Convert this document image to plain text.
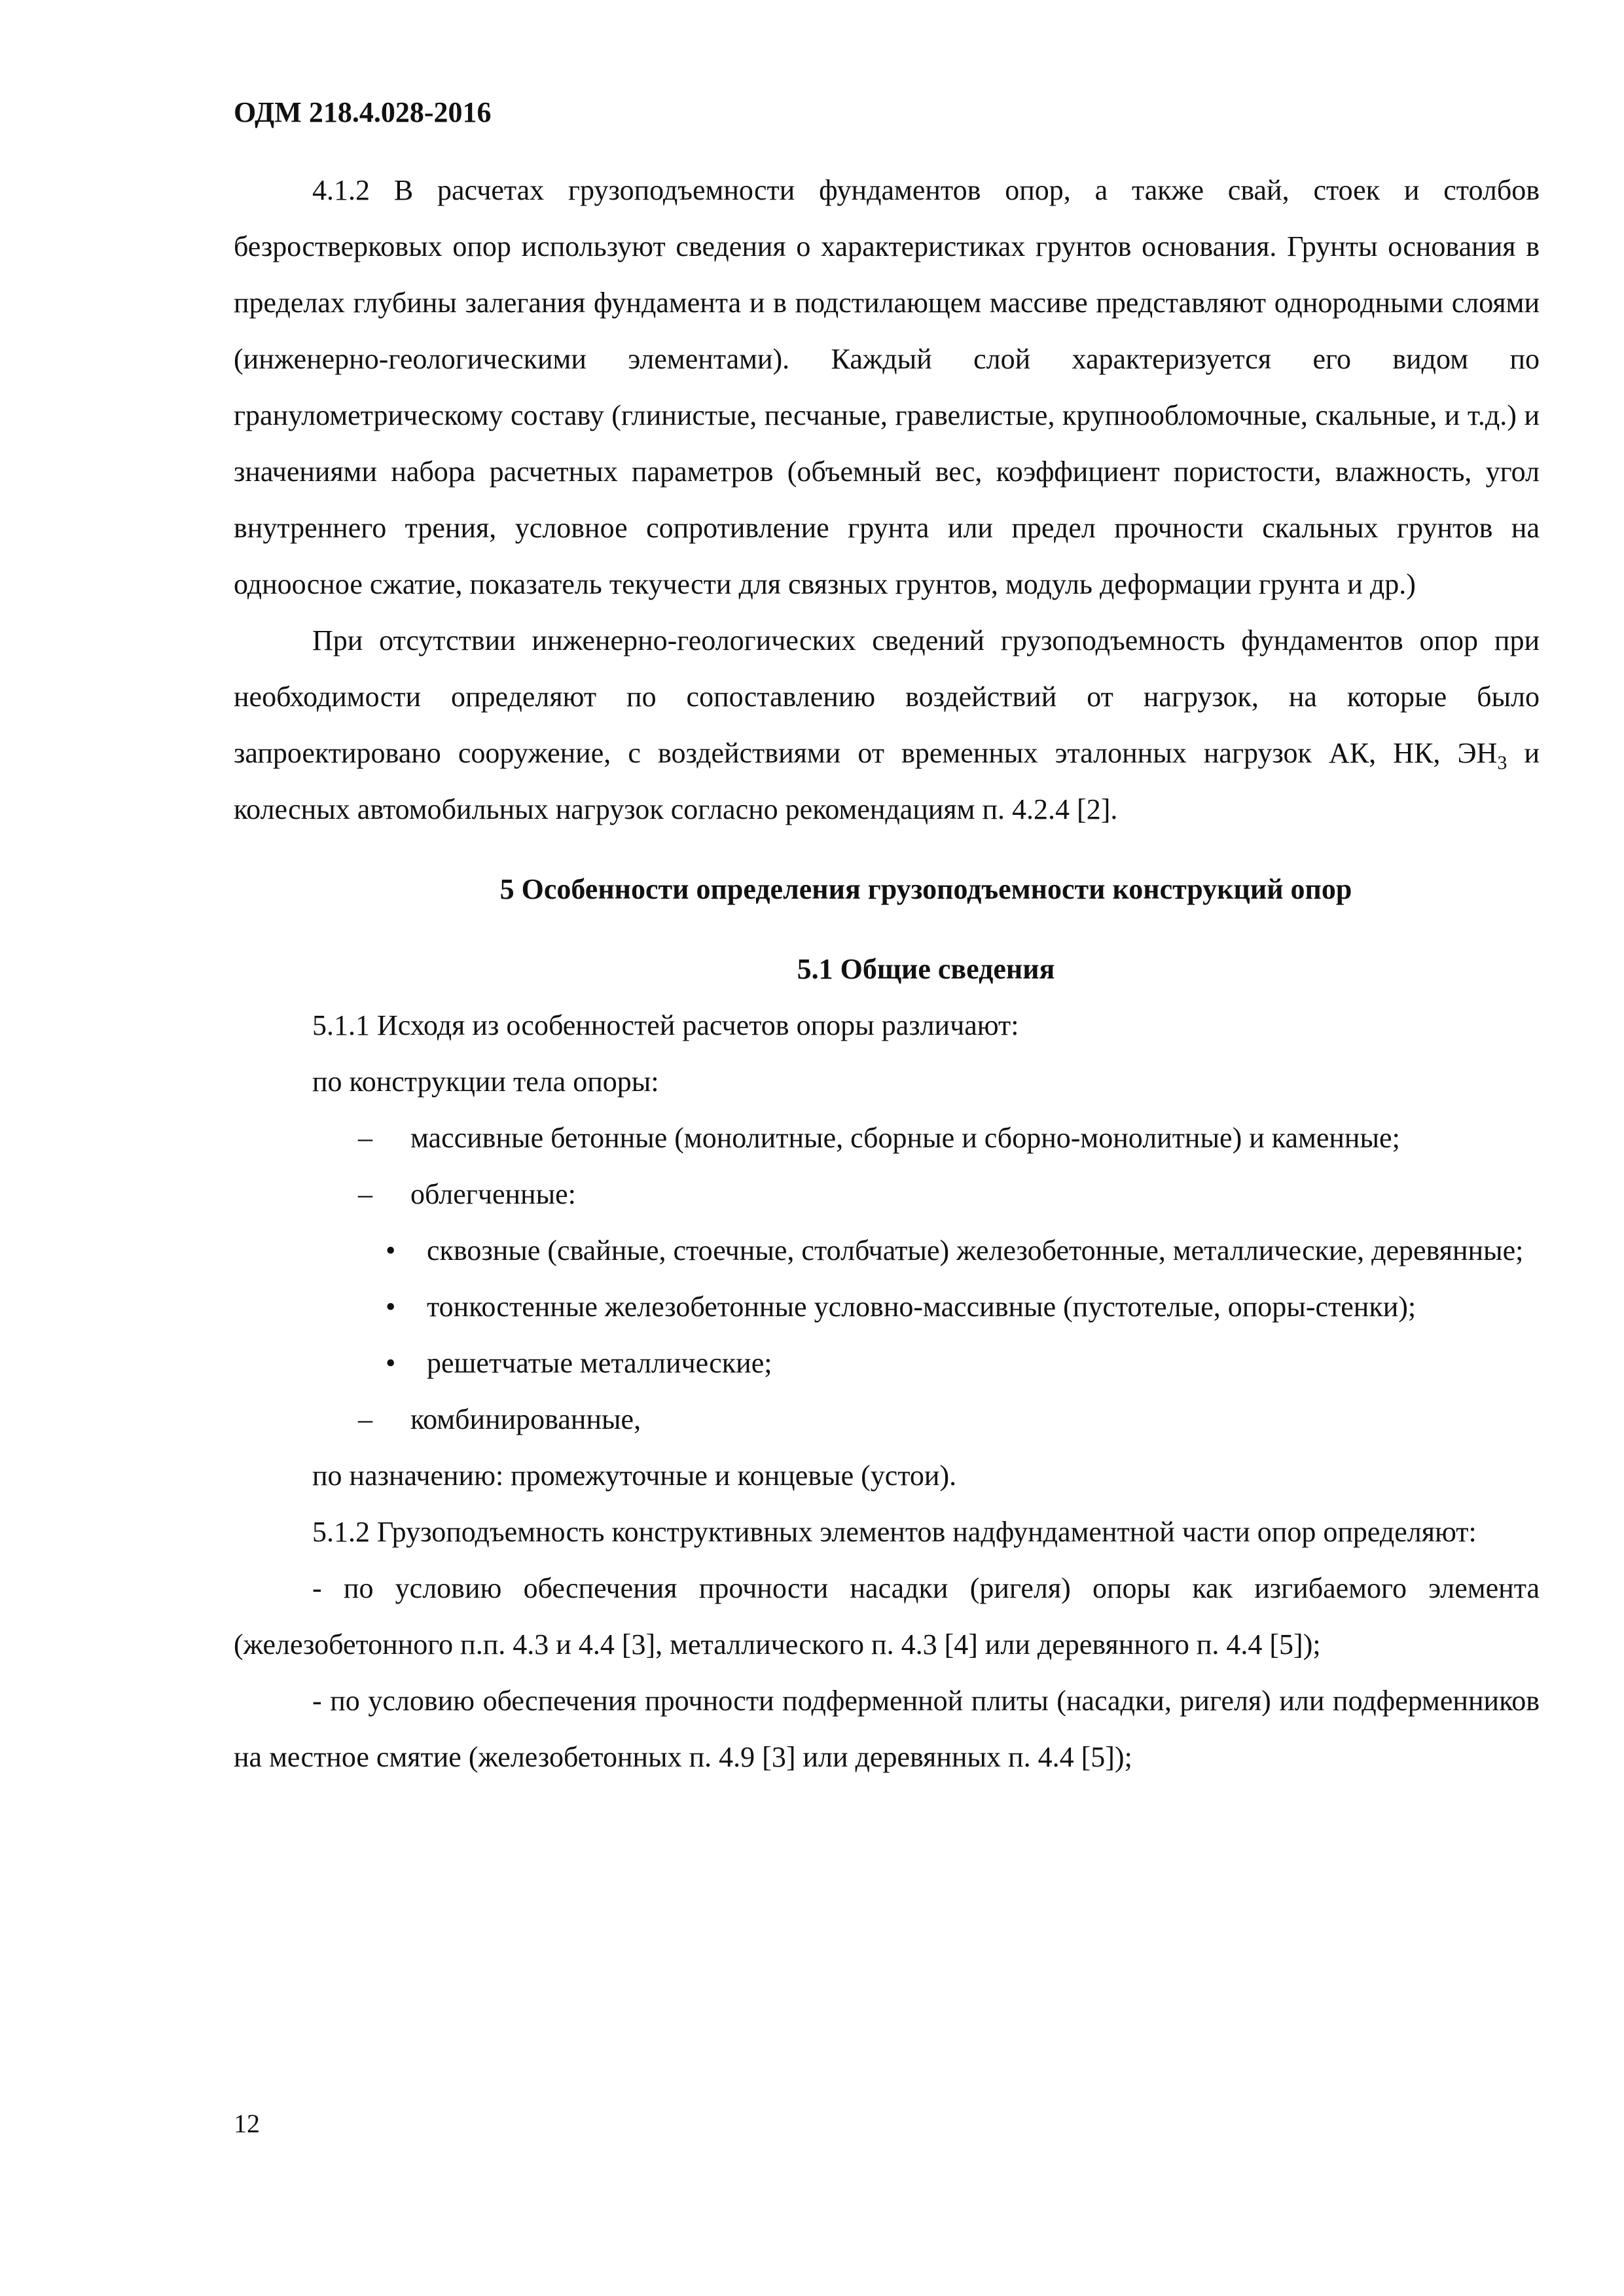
ОДМ 218.4.028-2016

4.1.2 В расчетах грузоподъемности фундаментов опор, а также свай, стоек и столбов безростверковых опор используют сведения о характеристиках грунтов основания. Грунты основания в пределах глубины залегания фундамента и в подстилающем массиве представляют однородными слоями (инженерно-геологическими элементами). Каждый слой характеризуется его видом по гранулометрическому составу (глинистые, песчаные, гравелистые, крупнообломочные, скальные, и т.д.) и значениями набора расчетных параметров (объемный вес, коэффициент пористости, влажность, угол внутреннего трения, условное сопротивление грунта или предел прочности скальных грунтов на одноосное сжатие, показатель текучести для связных грунтов, модуль деформации грунта и др.)

При отсутствии инженерно-геологических сведений грузоподъемность фундаментов опор при необходимости определяют по сопоставлению воздействий от нагрузок, на которые было запроектировано сооружение, с воздействиями от временных эталонных нагрузок АК, НК, $ЭН_3$ и колесных автомобильных нагрузок согласно рекомендациям п. 4.2.4 [2].

5 Особенности определения грузоподъемности конструкций опор

5.1 Общие сведения

5.1.1 Исходя из особенностей расчетов опоры различают:

по конструкции тела опоры:

– массивные бетонные (монолитные, сборные и сборно-монолитные) и каменные;

– облегченные:

• сквозные (свайные, стоечные, столбчатые) железобетонные, металлические, деревянные;

• тонкостенные железобетонные условно-массивные (пустотелые, опоры-стенки);

• решетчатые металлические;

– комбинированные,

по назначению: промежуточные и концевые (устои).

5.1.2 Грузоподъемность конструктивных элементов надфундаментной части опор определяют:

- по условию обеспечения прочности насадки (ригеля) опоры как изгибаемого элемента (железобетонного п.п. 4.3 и 4.4 [3], металлического п. 4.3 [4] или деревянного п. 4.4 [5]);

- по условию обеспечения прочности подферменной плиты (насадки, ригеля) или подферменников на местное смятие (железобетонных п. 4.9 [3] или деревянных п. 4.4 [5]);

12
